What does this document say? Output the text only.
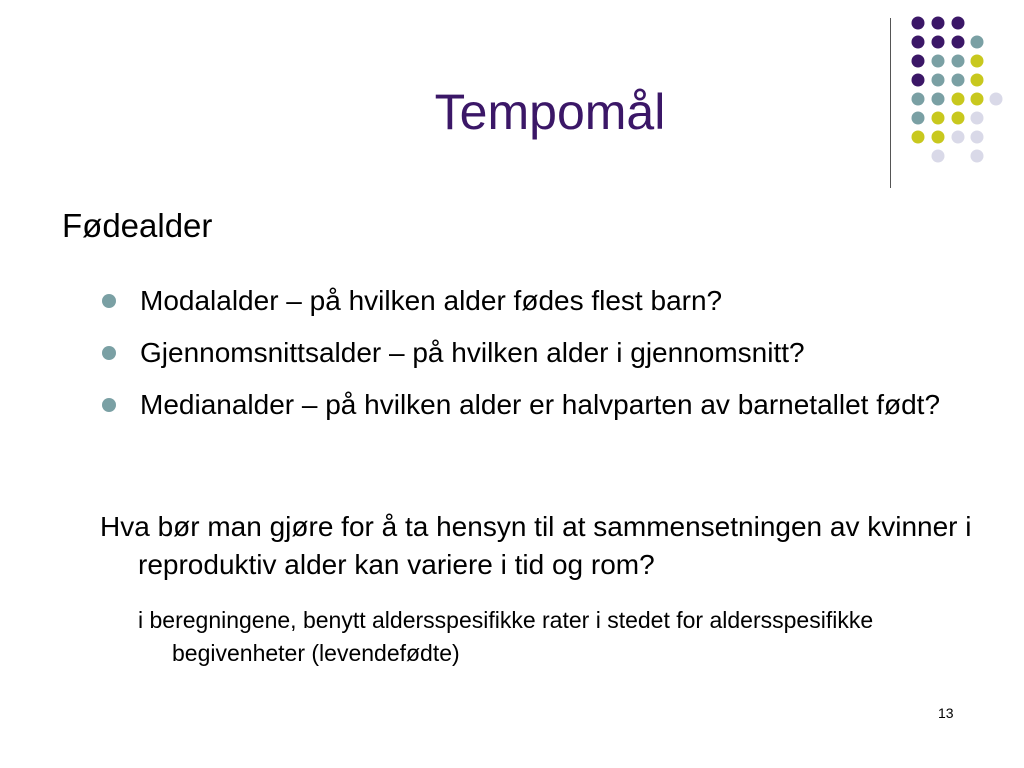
Tempomål
Fødealder
Modalalder – på hvilken alder fødes flest barn?
Gjennomsnittsalder – på hvilken alder i gjennomsnitt?
Medianalder – på hvilken alder er halvparten av barnetallet født?
Hva bør man gjøre for å ta hensyn til at sammensetningen av kvinner i reproduktiv alder kan variere i tid og rom?
i beregningene, benytt aldersspesifikke rater i stedet for aldersspesifikke begivenheter (levendefødte)
13
